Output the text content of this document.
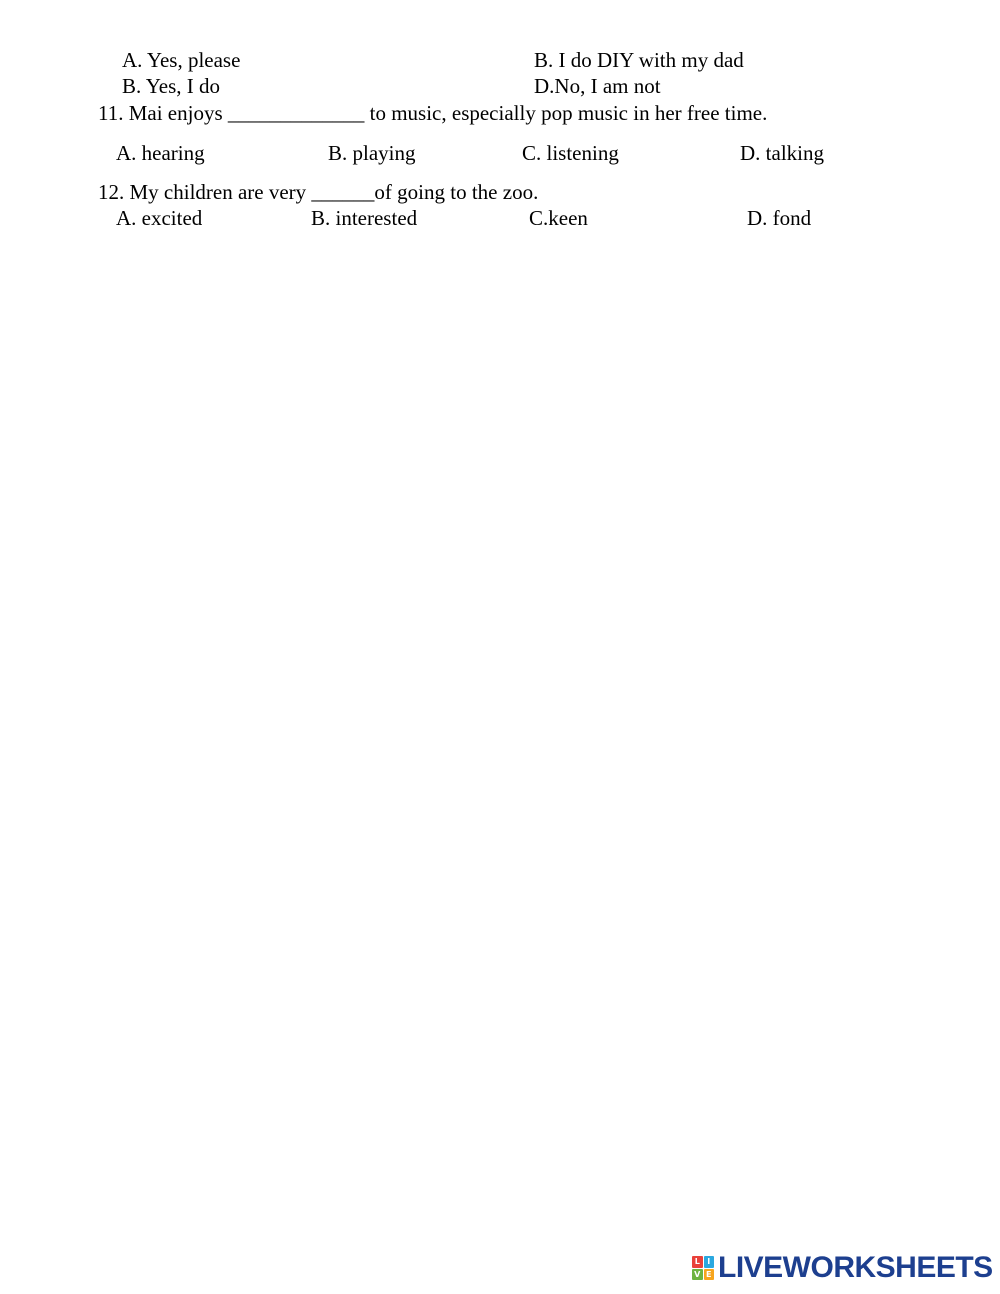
A. Yes, please	B. I do DIY with my dad
B. Yes, I do	D.No, I am not
11. Mai enjoys _____________ to music, especially pop music in her free time.
A. hearing	B. playing	C. listening	D. talking
12. My children are very ______of going to the zoo.
A. excited	B. interested	C.keen	D. fond
L I
V E LIVEWORKSHEETS
